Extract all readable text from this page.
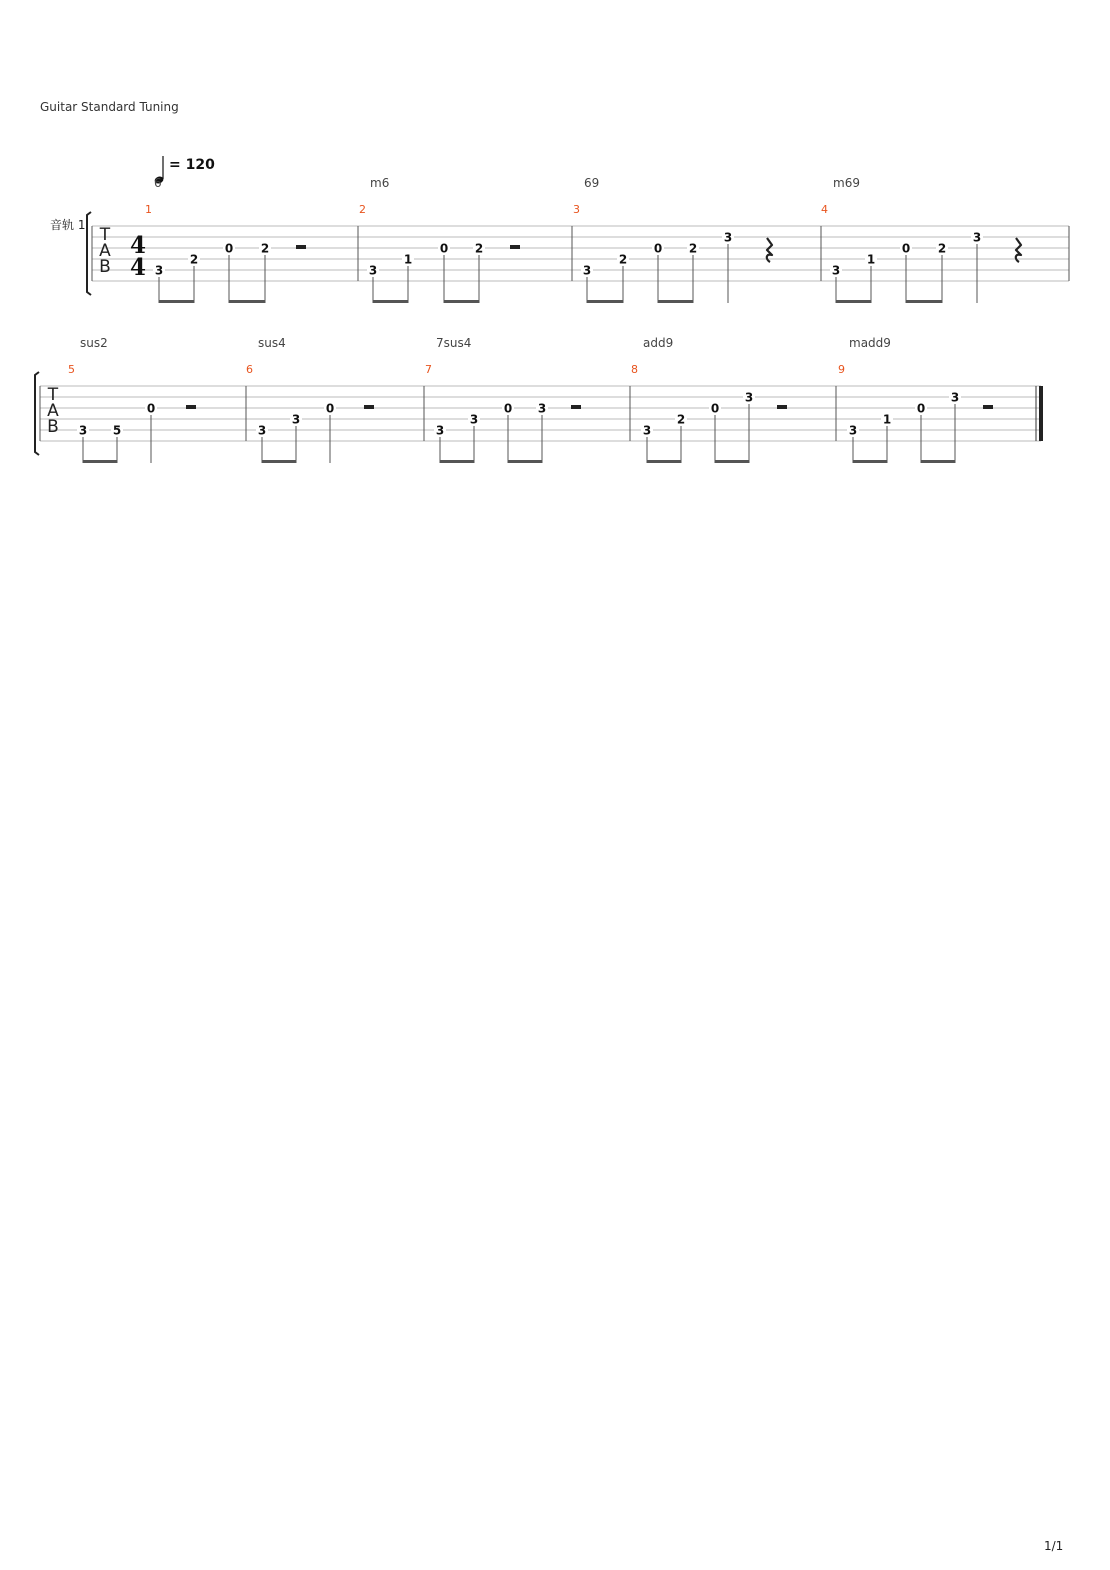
Guitar Standard Tuning
T
A
B
音轨 1
4
4
= 120
6
1
3
2
0 2
m6
2
3
1
0 2
69
3
3
2
0 2
3
m69
4
3
1
0 2
3
T
A
B
sus2
5
3 5
0
sus4
6
3
3
0
7sus4
7
3
3
0 3
add9
8
3
2
0
3
madd9
9
3
1
0
3
1/1
